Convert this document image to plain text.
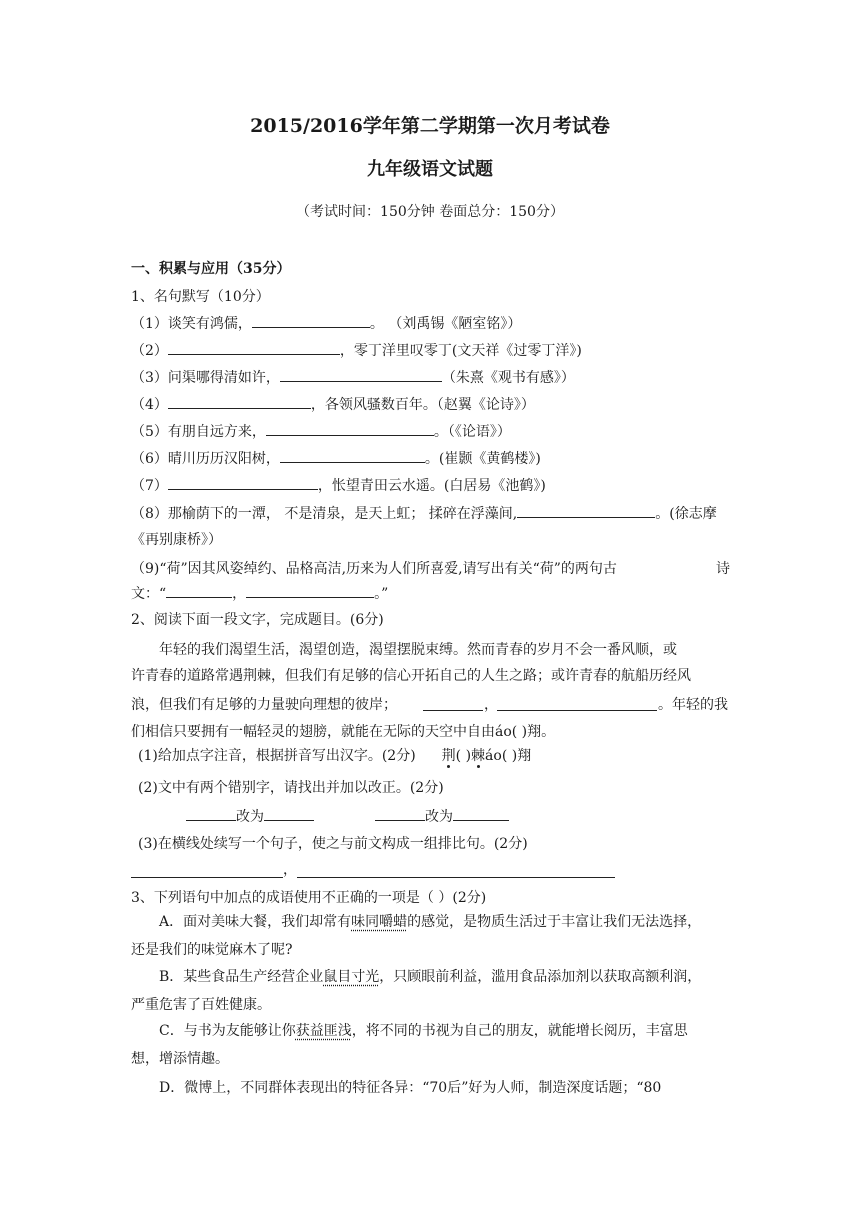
2015/2016学年第二学期第一次月考试卷
九年级语文试题
（考试时间：150分钟 卷面总分：150分）
一、积累与应用（35分）
1、名句默写（10分）
（1）谈笑有鸿儒，	。 （刘禹锡《陋室铭》）
（2）	，零丁洋里叹零丁(文天祥《过零丁洋》)
（3）问渠哪得清如许，	（朱熹《观书有感》）
（4）	，各领风骚数百年。（赵翼《论诗》）
（5）有朋自远方来，	。（《论语》）
（6）晴川历历汉阳树，	。(崔颢《黄鹤楼》)
（7）	，怅望青田云水遥。(白居易《池鹤》)
（8）那榆荫下的一潭， 不是清泉，是天上虹； 揉碎在浮藻间,	。(徐志摩
《再别康桥》）
（9)“荷”因其风姿绰约、品格高洁,历来为人们所喜爱,请写出有关“荷”的两句古	诗
文：“	，	。”
2、阅读下面一段文字，完成题目。(6分)
年轻的我们渴望生活，渴望创造，渴望摆脱束缚。然而青春的岁月不会一番风顺，或
许青春的道路常遇荆棘，但我们有足够的信心开拓自己的人生之路；或许青春的航船历经风
浪，但我们有足够的力量驶向理想的彼岸；	，	。年轻的我
们相信只要拥有一幅轻灵的翅膀，就能在无际的天空中自由áo( )翔。
(1)给加点字注音，根据拼音写出汉字。(2分) 荆( )棘áo( )翔
(2)文中有两个错别字，请找出并加以改正。(2分)
改为	改为
(3)在横线处续写一个句子，使之与前文构成一组排比句。(2分)
，
3、下列语句中加点的成语使用不正确的一项是（ ）(2分)
A．面对美味大餐，我们却常有味同嚼蜡的感觉，是物质生活过于丰富让我们无法选择，
还是我们的味觉麻木了呢?
B．某些食品生产经营企业鼠目寸光，只顾眼前利益，滥用食品添加剂以获取高额利润，
严重危害了百姓健康。
C．与书为友能够让你获益匪浅，将不同的书视为自己的朋友，就能增长阅历，丰富思
想，增添情趣。
D．微博上，不同群体表现出的特征各异：“70后”好为人师，制造深度话题；“80
